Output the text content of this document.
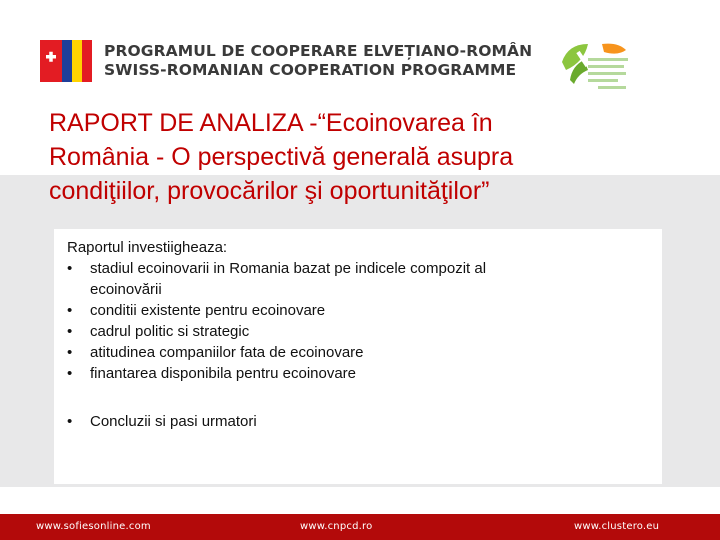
PROGRAMUL DE COOPERARE ELVEȚIANO-ROMÂN
SWISS-ROMANIAN COOPERATION PROGRAMME
RAPORT DE ANALIZA -“Ecoinovarea în
România - O perspectivă generală asupra
condiţiilor, provocărilor şi oportunităţilor”
Raportul investiigheaza:
• stadiul ecoinovarii in Romania bazat pe indicele compozit al
ecoinovării
• conditii existente pentru ecoinovare
• cadrul politic si strategic
• atitudinea companiilor fata de ecoinovare
• finantarea disponibila pentru ecoinovare
• Concluzii si pasi urmatori
www.sofiesonline.com	www.cnpcd.ro	www.clustero.eu
